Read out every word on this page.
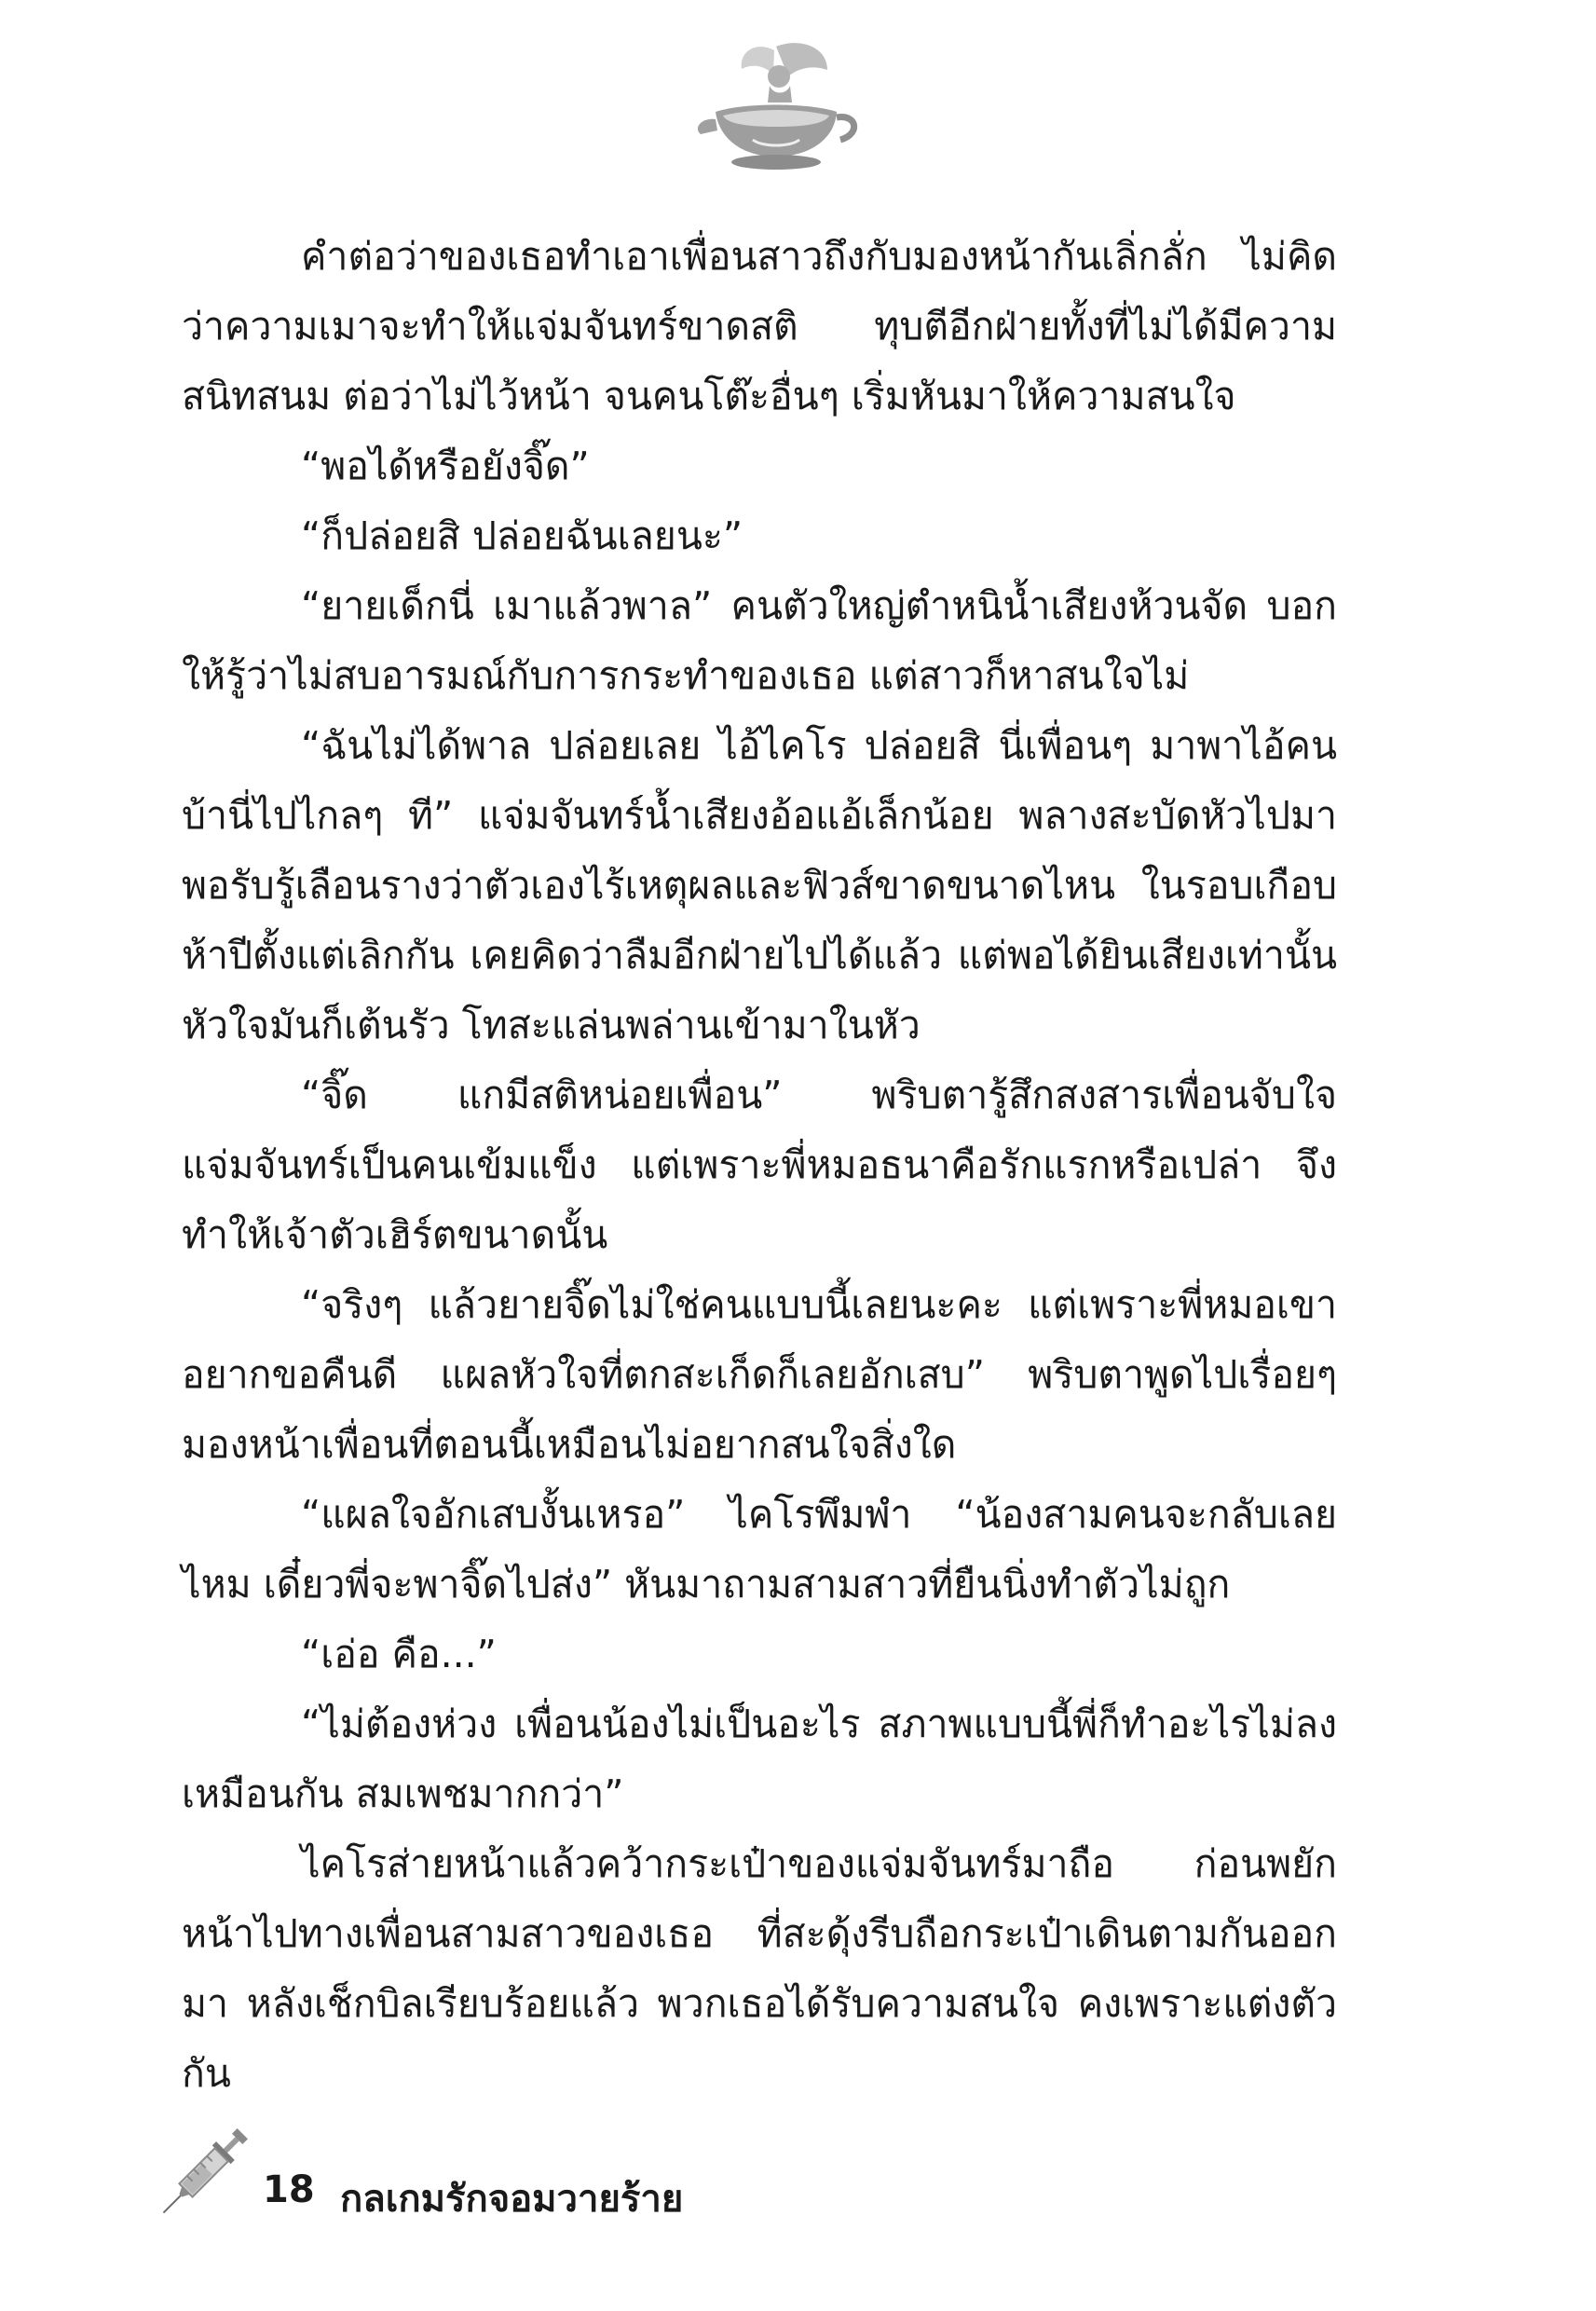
คำต่อว่าของเธอทำเอาเพื่อนสาวถึงกับมองหน้ากันเลิ่กลั่ก ไม่คิดว่าความเมาจะทำให้แจ่มจันทร์ขาดสติ ทุบตีอีกฝ่ายทั้งที่ไม่ได้มีความสนิทสนม ต่อว่าไม่ไว้หน้า จนคนโต๊ะอื่นๆ เริ่มหันมาให้ความสนใจ

“พอได้หรือยังจิ๊ด”

“ก็ปล่อยสิ ปล่อยฉันเลยนะ”

“ยายเด็กนี่ เมาแล้วพาล” คนตัวใหญ่ตำหนิน้ำเสียงห้วนจัด บอกให้รู้ว่าไม่สบอารมณ์กับการกระทำของเธอ แต่สาวก็หาสนใจไม่

“ฉันไม่ได้พาล ปล่อยเลย ไอ้ไคโร ปล่อยสิ นี่เพื่อนๆ มาพาไอ้คนบ้านี่ไปไกลๆ ที” แจ่มจันทร์น้ำเสียงอ้อแอ้เล็กน้อย พลางสะบัดหัวไปมา พอรับรู้เลือนรางว่าตัวเองไร้เหตุผลและฟิวส์ขาดขนาดไหน ในรอบเกือบห้าปีตั้งแต่เลิกกัน เคยคิดว่าลืมอีกฝ่ายไปได้แล้ว แต่พอได้ยินเสียงเท่านั้น หัวใจมันก็เต้นรัว โทสะแล่นพล่านเข้ามาในหัว

“จิ๊ด แกมีสติหน่อยเพื่อน” พริบตารู้สึกสงสารเพื่อนจับใจ แจ่มจันทร์เป็นคนเข้มแข็ง แต่เพราะพี่หมอธนาคือรักแรกหรือเปล่า จึงทำให้เจ้าตัวเฮิร์ตขนาดนั้น

“จริงๆ แล้วยายจิ๊ดไม่ใช่คนแบบนี้เลยนะคะ แต่เพราะพี่หมอเขาอยากขอคืนดี แผลหัวใจที่ตกสะเก็ดก็เลยอักเสบ” พริบตาพูดไปเรื่อยๆ มองหน้าเพื่อนที่ตอนนี้เหมือนไม่อยากสนใจสิ่งใด

“แผลใจอักเสบงั้นเหรอ” ไคโรพึมพำ “น้องสามคนจะกลับเลยไหม เดี๋ยวพี่จะพาจิ๊ดไปส่ง” หันมาถามสามสาวที่ยืนนิ่งทำตัวไม่ถูก

“เอ่อ คือ...”

“ไม่ต้องห่วง เพื่อนน้องไม่เป็นอะไร สภาพแบบนี้พี่ก็ทำอะไรไม่ลงเหมือนกัน สมเพชมากกว่า”

ไคโรส่ายหน้าแล้วคว้ากระเป๋าของแจ่มจันทร์มาถือ ก่อนพยักหน้าไปทางเพื่อนสามสาวของเธอ ที่สะดุ้งรีบถือกระเป๋าเดินตามกันออกมา หลังเช็กบิลเรียบร้อยแล้ว พวกเธอได้รับความสนใจ คงเพราะแต่งตัวกัน

18 กลเกมรักจอมวายร้าย
